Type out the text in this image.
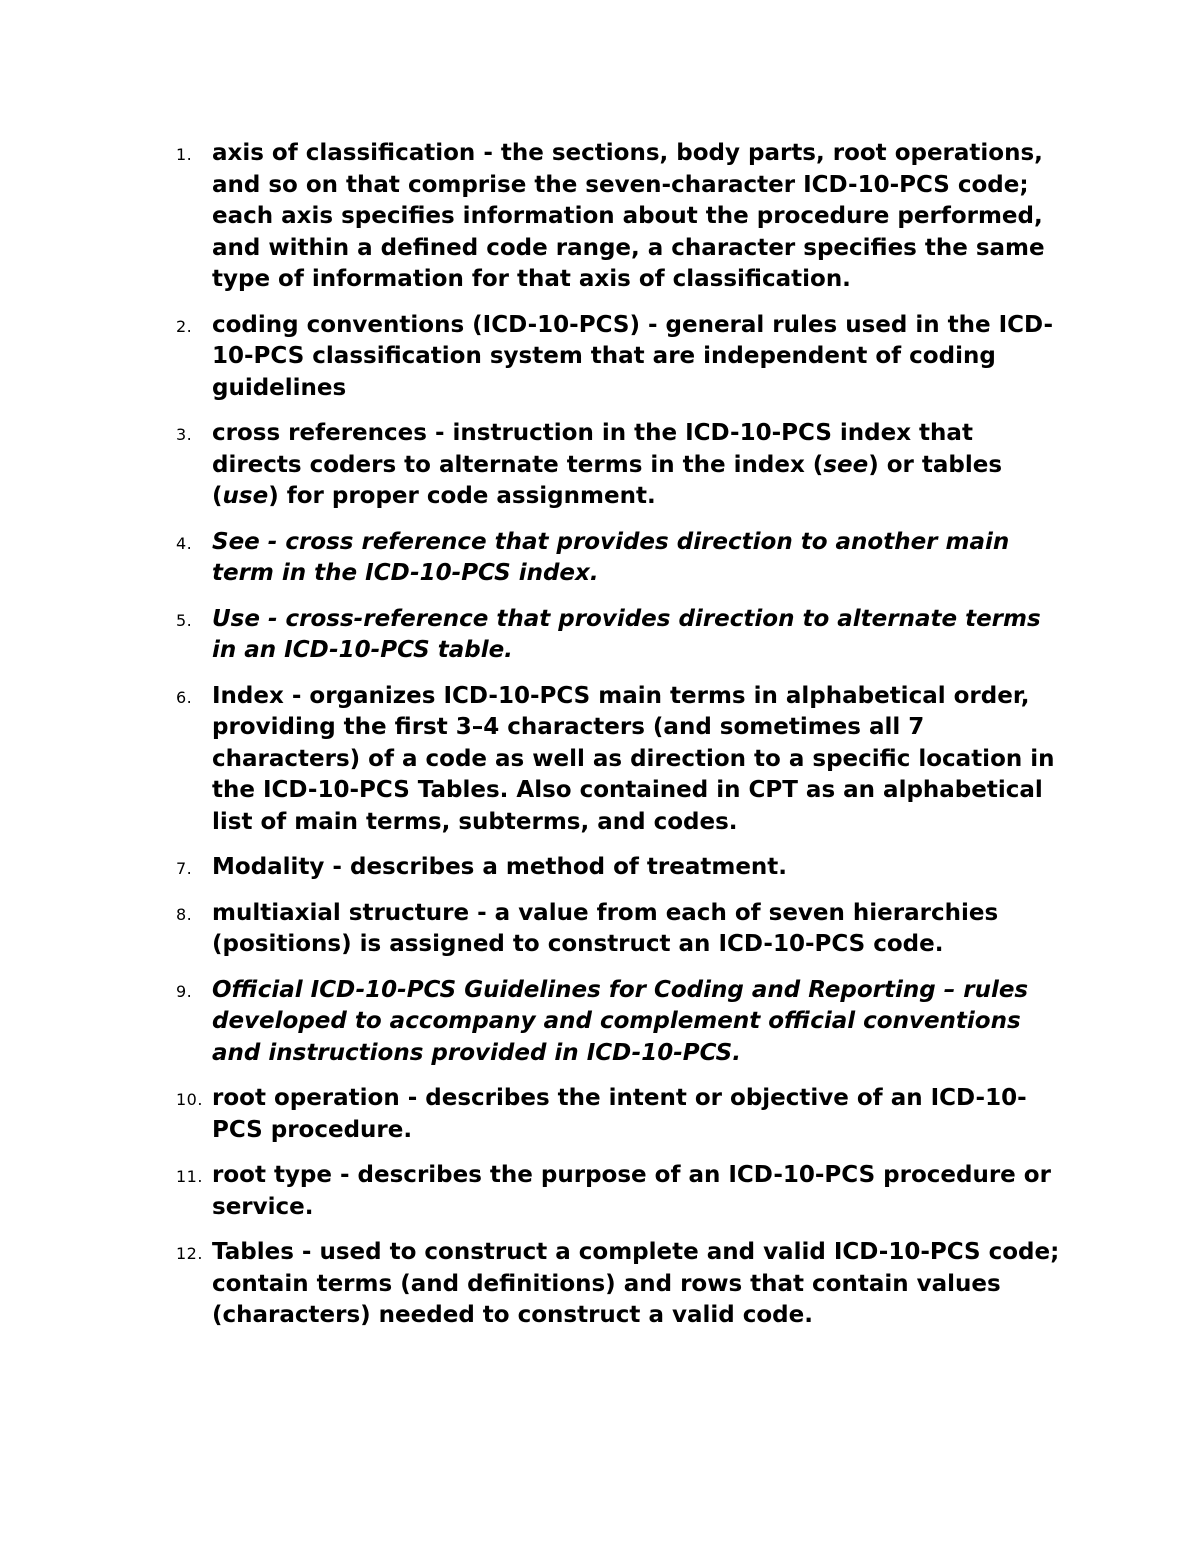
1. axis of classification - the sections, body parts, root operations, and so on that comprise the seven-character ICD-10-PCS code; each axis specifies information about the procedure performed, and within a defined code range, a character specifies the same type of information for that axis of classification.
2. coding conventions (ICD-10-PCS) - general rules used in the ICD-10-PCS classification system that are independent of coding guidelines
3. cross references - instruction in the ICD-10-PCS index that directs coders to alternate terms in the index (see) or tables (use) for proper code assignment.
4. See - cross reference that provides direction to another main term in the ICD-10-PCS index.
5. Use - cross-reference that provides direction to alternate terms in an ICD-10-PCS table.
6. Index - organizes ICD-10-PCS main terms in alphabetical order, providing the first 3–4 characters (and sometimes all 7 characters) of a code as well as direction to a specific location in the ICD-10-PCS Tables. Also contained in CPT as an alphabetical list of main terms, subterms, and codes.
7. Modality - describes a method of treatment.
8. multiaxial structure - a value from each of seven hierarchies (positions) is assigned to construct an ICD-10-PCS code.
9. Official ICD-10-PCS Guidelines for Coding and Reporting – rules developed to accompany and complement official conventions and instructions provided in ICD-10-PCS.
10. root operation - describes the intent or objective of an ICD-10-PCS procedure.
11. root type - describes the purpose of an ICD-10-PCS procedure or service.
12. Tables - used to construct a complete and valid ICD-10-PCS code; contain terms (and definitions) and rows that contain values (characters) needed to construct a valid code.
